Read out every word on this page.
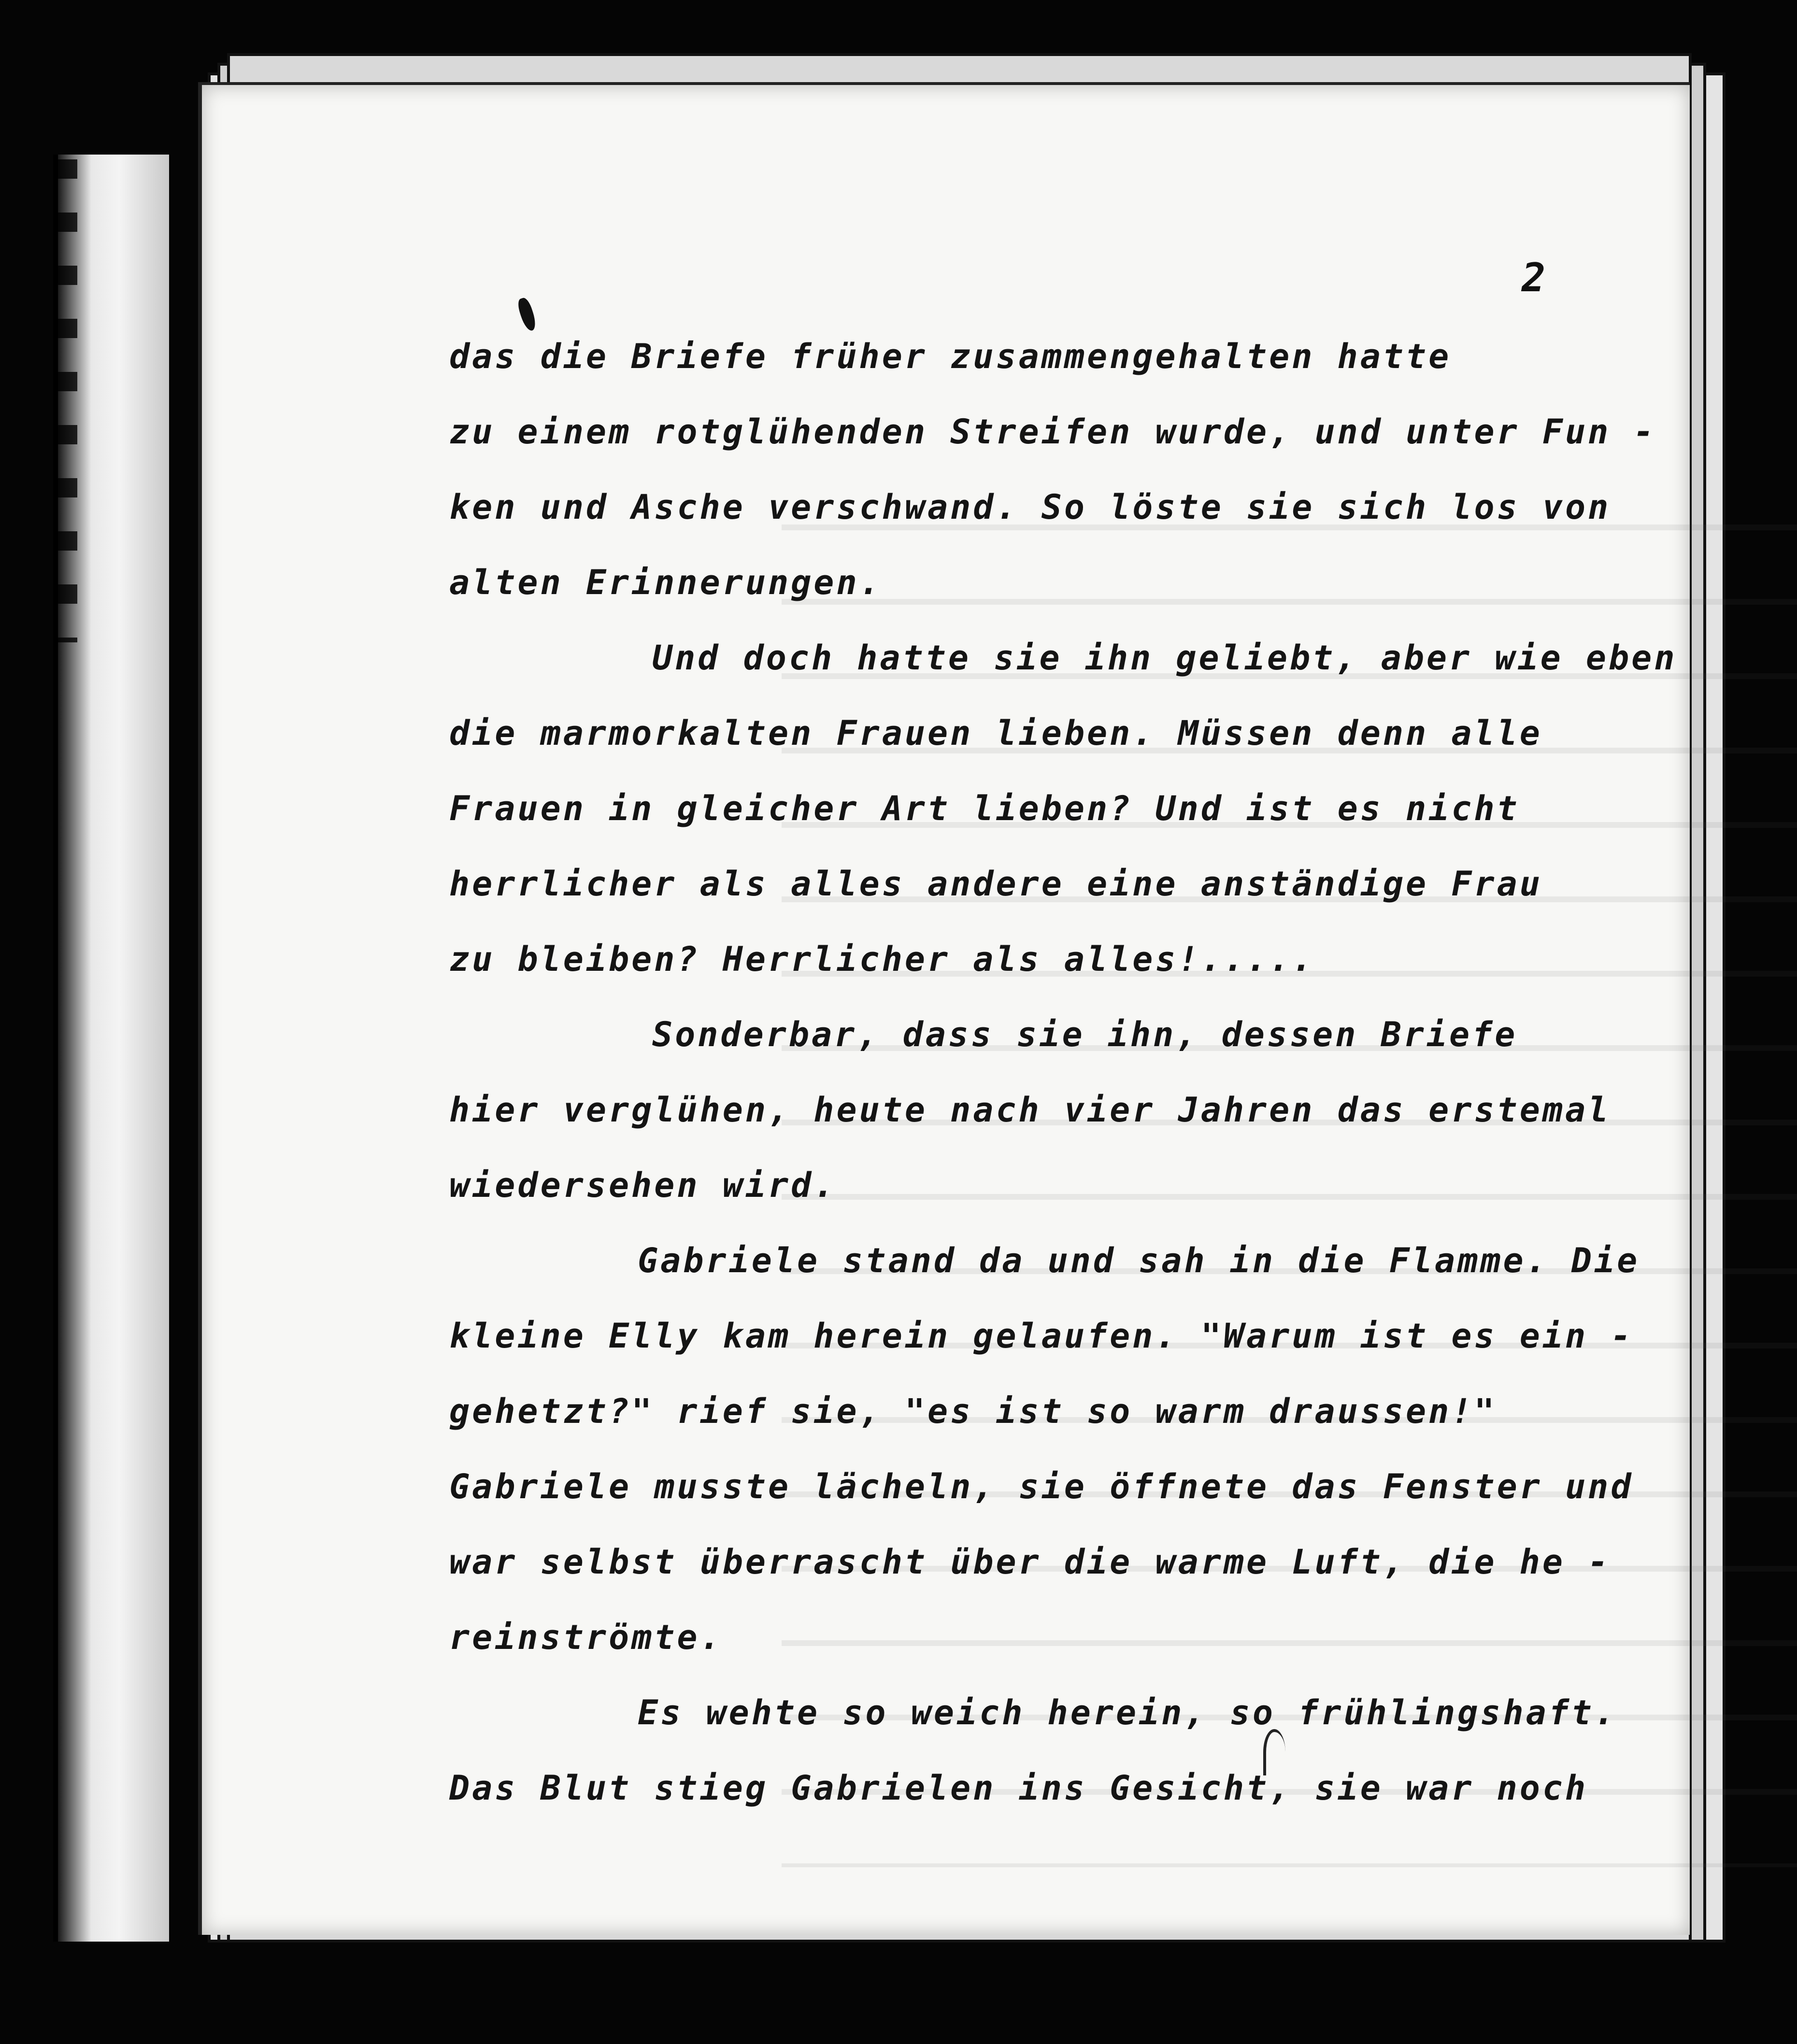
2
das die Briefe früher zusammengehalten hatte
zu einem rotglühenden Streifen wurde, und unter Fun -
ken und Asche verschwand. So löste sie sich los von
alten Erinnerungen.
Und doch hatte sie ihn geliebt, aber wie eben
die marmorkalten Frauen lieben. Müssen denn alle
Frauen in gleicher Art lieben? Und ist es nicht
herrlicher als alles andere eine anständige Frau
zu bleiben? Herrlicher als alles!.....
Sonderbar, dass sie ihn, dessen Briefe
hier verglühen, heute nach vier Jahren das erstemal
wiedersehen wird.
Gabriele stand da und sah in die Flamme. Die
kleine Elly kam herein gelaufen. "Warum ist es ein -
gehetzt?" rief sie, "es ist so warm draussen!"
Gabriele musste lächeln, sie öffnete das Fenster und
war selbst überrascht über die warme Luft, die he -
reinströmte.
Es wehte so weich herein, so frühlingshaft.
Das Blut stieg Gabrielen ins Gesicht, sie war noch
